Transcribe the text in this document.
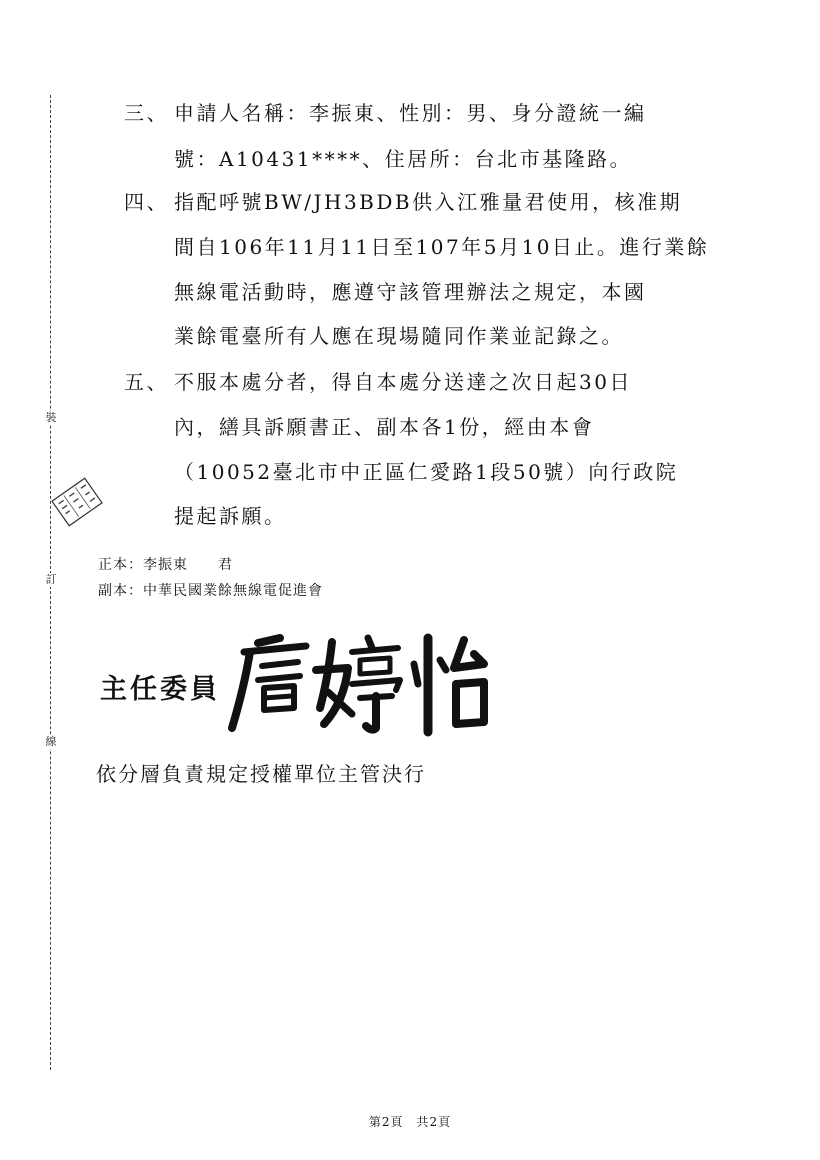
裝
訂
線
三、 申請人名稱：李振東、性別：男、身分證統一編
號：A10431****、住居所：台北市基隆路。
四、 指配呼號BW/JH3BDB供入江雅量君使用，核准期
間自106年11月11日至107年5月10日止。進行業餘
無線電活動時，應遵守該管理辦法之規定，本國
業餘電臺所有人應在現場隨同作業並記錄之。
五、 不服本處分者，得自本處分送達之次日起30日
內，繕具訴願書正、副本各1份，經由本會
（10052臺北市中正區仁愛路1段50號）向行政院
提起訴願。
正本：李振東　　君
副本：中華民國業餘無線電促進會
主任委員
依分層負責規定授權單位主管決行
第2頁　共2頁
